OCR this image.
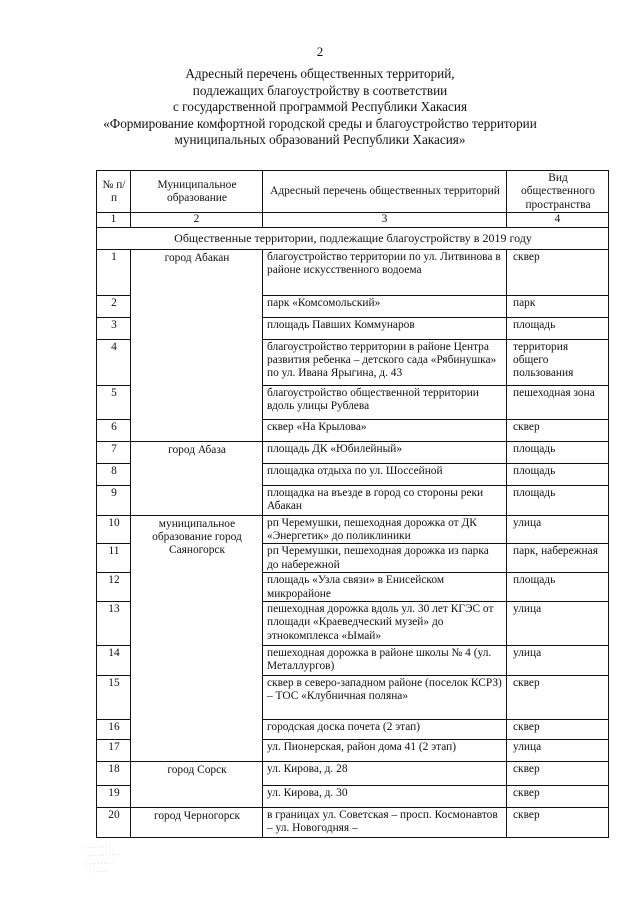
2
Адресный перечень общественных территорий,
подлежащих благоустройству в соответствии
с государственной программой Республики Хакасия
«Формирование комфортной городской среды и благоустройство территории
муниципальных образований Республики Хакасия»
№ п/п	Муниципальное образование	Адресный перечень общественных территорий	Вид общественного пространства
1	2	3	4
Общественные территории, подлежащие благоустройству в 2019 году			
1	город Абакан	благоустройство территории по ул. Литвинова в районе искусственного водоема	сквер
2		парк «Комсомольский»	парк
3		площадь Павших Коммунаров	площадь
4		благоустройство территории в районе Центра развития ребенка – детского сада «Рябинушка» по ул. Ивана Ярыгина, д. 43	территория общего пользования
5		благоустройство общественной территории вдоль улицы Рублева	пешеходная зона
6		сквер «На Крылова»	сквер
7	город Абаза	площадь ДК «Юбилейный»	площадь
8		площадка отдыха по ул. Шоссейной	площадь
9		площадка на въезде в город со стороны реки Абакан	площадь
10	муниципальное образование город Саяногорск	рп Черемушки, пешеходная дорожка от ДК «Энергетик» до поликлиники	улица
11		рп Черемушки, пешеходная дорожка из парка до набережной	парк, набережная
12		площадь «Узла связи» в Енисейском микрорайоне	площадь
13		пешеходная дорожка вдоль ул. 30 лет КГЭС от площади «Краеведческий музей» до этнокомплекса «Ымай»	улица
14		пешеходная дорожка в районе школы № 4 (ул. Металлургов)	улица
15		сквер в северо-западном районе (поселок КСРЗ) – ТОС «Клубничная поляна»	сквер
16		городская доска почета (2 этап)	сквер
17		ул. Пионерская, район дома 41 (2 этап)	улица
18	город Сорск	ул. Кирова, д. 28	сквер
19		ул. Кирова, д. 30	сквер
20	город Черногорск	в границах ул. Советская – просп. Космонавтов – ул. Новогодняя –	сквер
